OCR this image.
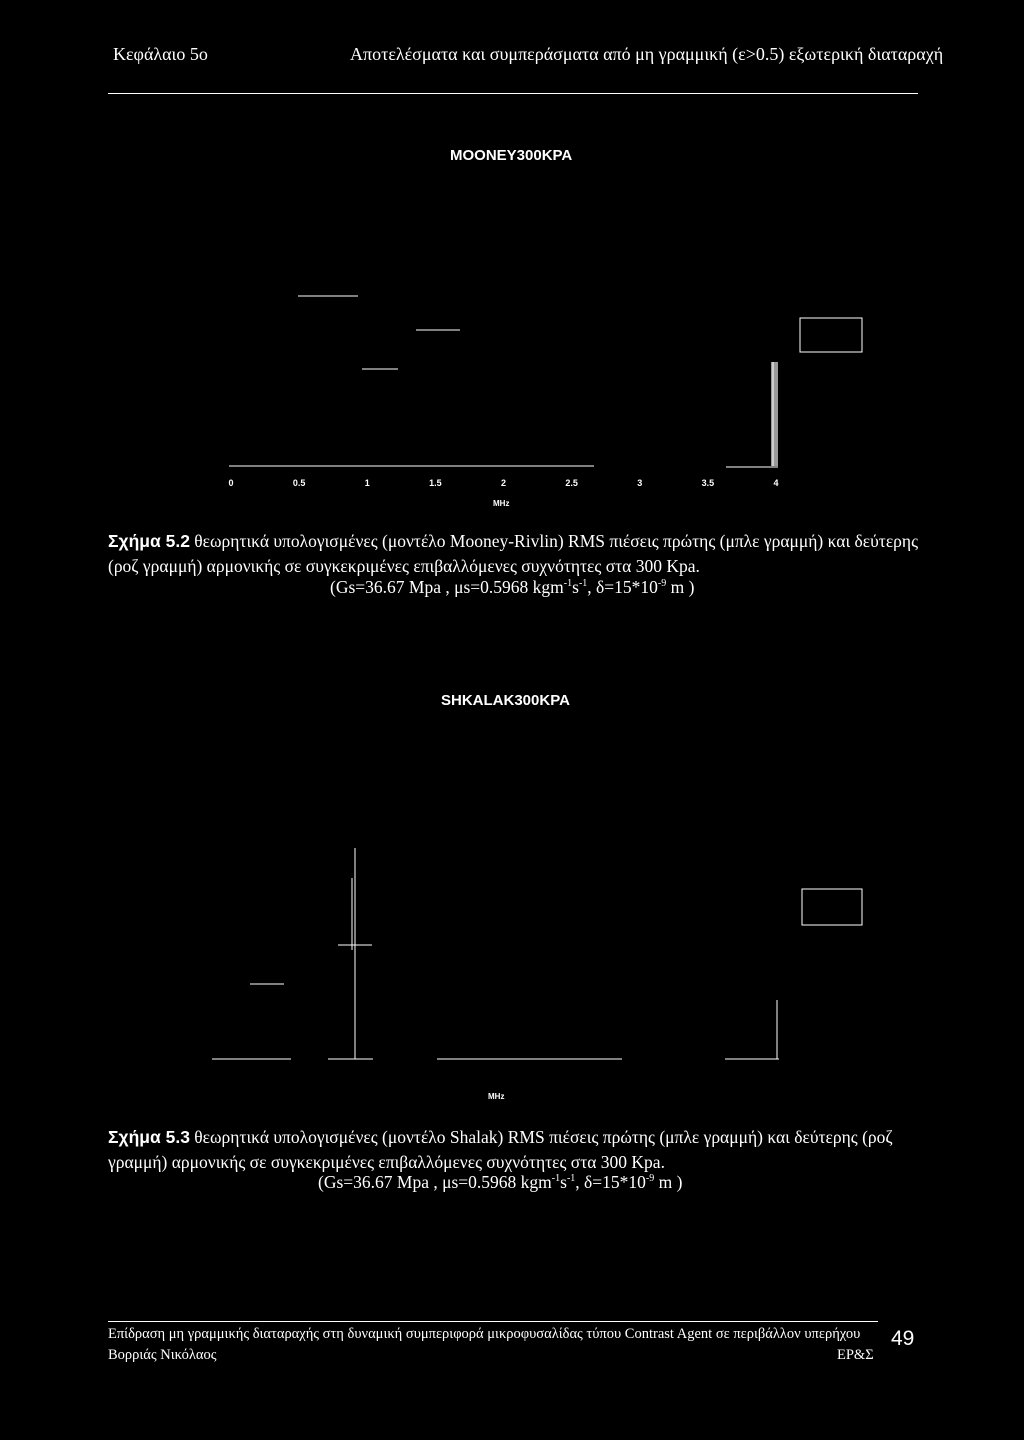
Κεφάλαιο 5ο	Αποτελέσματα και συμπεράσματα από μη γραμμική (ε>0.5) εξωτερική διαταραχή
MOONEY300KPA
0	0.5	1	1.5	2	2.5	3	3.5	4
MHz
Σχήμα 5.2 θεωρητικά υπολογισμένες (μοντέλο Mooney-Rivlin) RMS πιέσεις πρώτης (μπλε γραμμή) και δεύτερης (ροζ γραμμή) αρμονικής σε συγκεκριμένες επιβαλλόμενες συχνότητες στα 300 Kpa.
(Gs=36.67 Mpa , μs=0.5968 $kgm^{-1}s^{-1}$, $\delta=15*10^{-9}$ m )
SHKALAK300KPA
MHz
Σχήμα 5.3 θεωρητικά υπολογισμένες (μοντέλο Shalak) RMS πιέσεις πρώτης (μπλε γραμμή) και δεύτερης (ροζ γραμμή) αρμονικής σε συγκεκριμένες επιβαλλόμενες συχνότητες στα 300 Kpa.
(Gs=36.67 Mpa , μs=0.5968 $kgm^{-1}s^{-1}$, $\delta=15*10^{-9}$ m )
Επίδραση μη γραμμικής διαταραχής στη δυναμική συμπεριφορά μικροφυσαλίδας τύπου Contrast Agent σε περιβάλλον υπερήχου
Βορριάς Νικόλαος	ΕΡ&Σ
49
